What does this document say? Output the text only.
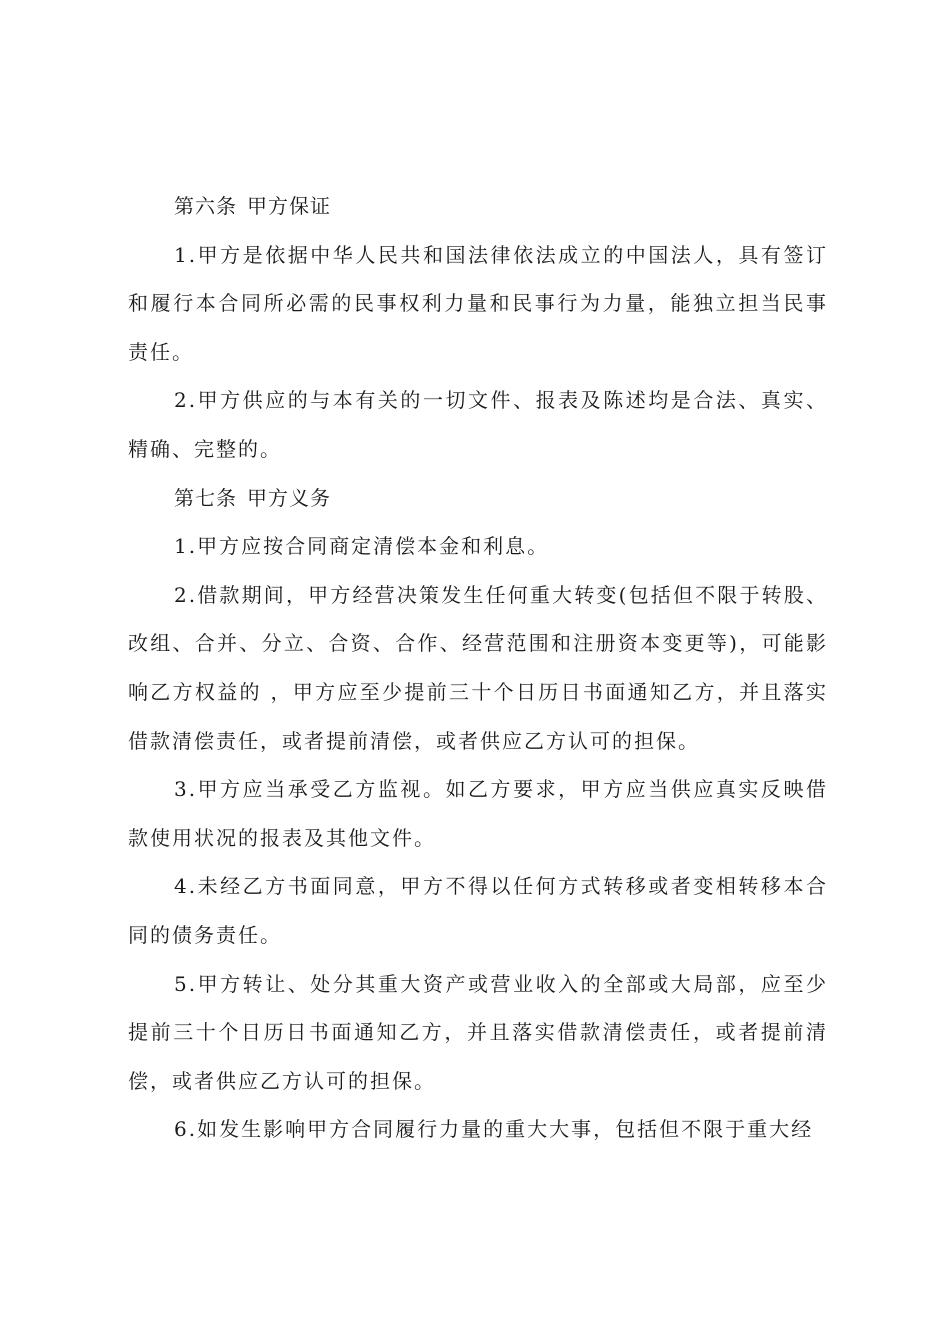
第六条 甲方保证

1.甲方是依据中华人民共和国法律依法成立的中国法人，具有签订和履行本合同所必需的民事权利力量和民事行为力量，能独立担当民事责任。

2.甲方供应的与本有关的一切文件、报表及陈述均是合法、真实、精确、完整的。

第七条 甲方义务

1.甲方应按合同商定清偿本金和利息。

2.借款期间，甲方经营决策发生任何重大转变(包括但不限于转股、改组、合并、分立、合资、合作、经营范围和注册资本变更等)，可能影响乙方权益的 ，甲方应至少提前三十个日历日书面通知乙方，并且落实借款清偿责任，或者提前清偿，或者供应乙方认可的担保。

3.甲方应当承受乙方监视。如乙方要求，甲方应当供应真实反映借款使用状况的报表及其他文件。

4.未经乙方书面同意，甲方不得以任何方式转移或者变相转移本合同的债务责任。

5.甲方转让、处分其重大资产或营业收入的全部或大局部，应至少提前三十个日历日书面通知乙方，并且落实借款清偿责任，或者提前清偿，或者供应乙方认可的担保。

6.如发生影响甲方合同履行力量的重大大事，包括但不限于重大经
